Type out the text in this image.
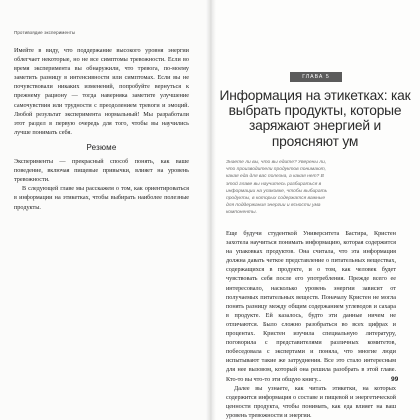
Противоядие эксперименты

Имейте в виду, что поддержание высокого уровня энергии облегчает некоторые, но не все симптомы тревожности. Если во время эксперимента вы обнаружили, что тревога, по-моему заметить разницу в интенсивности или симптомах. Если вы не почувствовали никаких изменений, попробуйте вернуться к прежнему рациону — тогда наверняка заметите улучшение самочувствия или трудности с преодолением тревоги и эмоций. Любой результат эксперимента нормальный! Мы разработали этот раздел в первую очередь для того, чтобы вы научились лучше понимать себя.

Резюме

Эксперименты — прекрасный способ понять, как ваше поведение, включая пищевые привычки, влияет на уровень тревожности.

В следующей главе мы расскажем о том, как ориентироваться в информации на этикетках, чтобы выбирать наиболее полезные продукты.

ГЛАВА 5
Информация на этикетках: как выбрать продукты, которые заряжают энергией и проясняют ум
Знаете ли вы, что вы едите? Уверены ли, что производители продуктов понимают, какая еда для вас полезна, а какая нет? В этой главе вы научитесь разбираться в информации на упаковке, чтобы выбирать продукты, в которых содержатся важные для поддержания энергии и ясности ума компоненты.

Еще будучи студенткой Университета Бастира, Кристен захотела научиться понимать информацию, которая содержится на упаковках продуктов. Она считала, что эта информация должна давать четкое представление о питательных веществах, содержащихся в продукте, и о том, как человек будет чувствовать себя после его употребления. Прежде всего ее интересовало, насколько уровень энергии зависит от получаемых питательных веществ. Поначалу Кристен не могла понять разницу между общим содержанием углеводов и сахара в продукте. Ей казалось, будто эти данные ничем не отличаются. Было сложно разобраться во всех цифрах и процентах. Кристен изучила специальную литературу, поговорила с представителями различных комитетов, побеседовала с экспертами и поняла, что многие люди испытывают такие же затруднения. Все это стало интересным для нее вызовом, который она решила разобрать в этой главе. Кто-то вы что-то эти общую книгу...

Далее вы узнаете, как читать этикетки, на которых содержится информация о составе и пищевой и энергетической ценности продукта, чтобы понимать, как еда влияет на ваш уровень тревожности и энергии.

99
